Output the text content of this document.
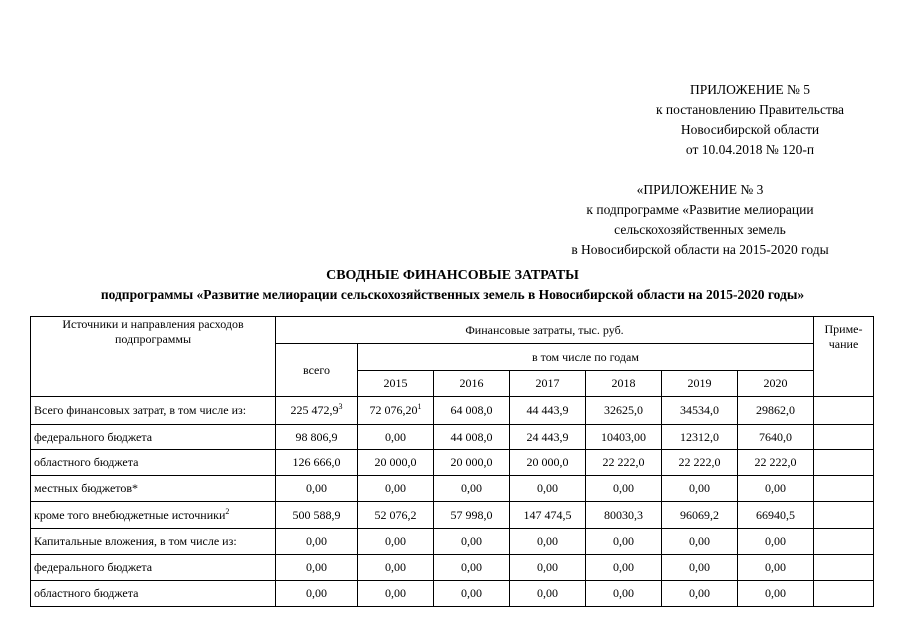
ПРИЛОЖЕНИЕ № 5
к постановлению Правительства
Новосибирской области
от 10.04.2018 № 120-п
«ПРИЛОЖЕНИЕ № 3
к подпрограмме «Развитие мелиорации
сельскохозяйственных земель
в Новосибирской области на 2015-2020 годы
СВОДНЫЕ ФИНАНСОВЫЕ ЗАТРАТЫ
подпрограммы «Развитие мелиорации сельскохозяйственных земель в Новосибирской области на 2015-2020 годы»
Источники и направления расходов подпрограммы	Финансовые затраты, тыс. руб.							Приме-чание
	всего	в том числе по годам						
		2015	2016	2017	2018	2019	2020	
Всего финансовых затрат, в том числе из:	225 472,9$^3$	72 076,20$^1$	64 008,0	44 443,9	32625,0	34534,0	29862,0	
федерального бюджета	98 806,9	0,00	44 008,0	24 443,9	10403,00	12312,0	7640,0	
областного бюджета	126 666,0	20 000,0	20 000,0	20 000,0	22 222,0	22 222,0	22 222,0	
местных бюджетов*	0,00	0,00	0,00	0,00	0,00	0,00	0,00	
кроме того внебюджетные источники$^2$	500 588,9	52 076,2	57 998,0	147 474,5	80030,3	96069,2	66940,5	
Капитальные вложения, в том числе из:	0,00	0,00	0,00	0,00	0,00	0,00	0,00	
федерального бюджета	0,00	0,00	0,00	0,00	0,00	0,00	0,00	
областного бюджета	0,00	0,00	0,00	0,00	0,00	0,00	0,00	
